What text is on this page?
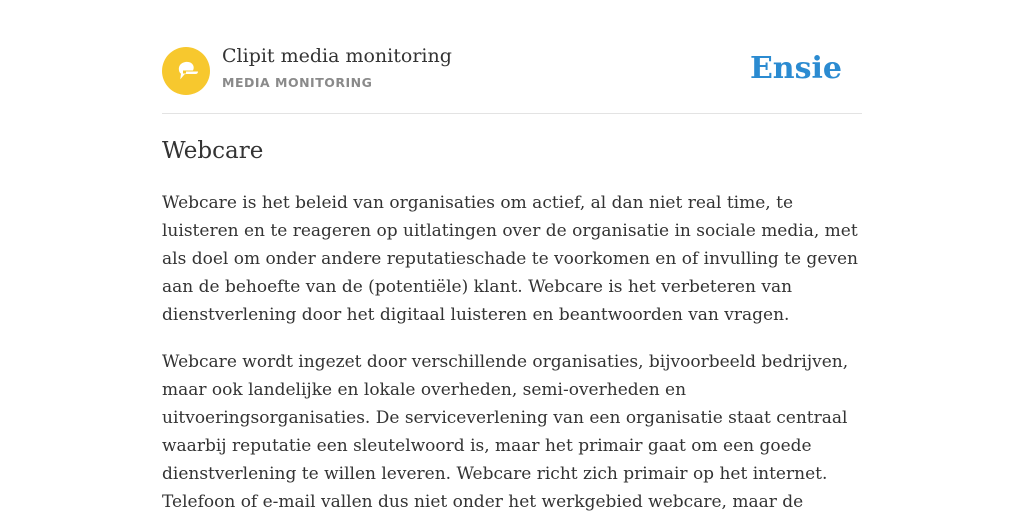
Clipit media monitoring
MEDIA MONITORING	Ensie
Webcare

Webcare is het beleid van organisaties om actief, al dan niet real time, te
luisteren en te reageren op uitlatingen over de organisatie in sociale media, met
als doel om onder andere reputatieschade te voorkomen en of invulling te geven
aan de behoefte van de (potentiële) klant. Webcare is het verbeteren van
dienstverlening door het digitaal luisteren en beantwoorden van vragen.

Webcare wordt ingezet door verschillende organisaties, bijvoorbeeld bedrijven,
maar ook landelijke en lokale overheden, semi-overheden en
uitvoeringsorganisaties. De serviceverlening van een organisatie staat centraal
waarbij reputatie een sleutelwoord is, maar het primair gaat om een goede
dienstverlening te willen leveren. Webcare richt zich primair op het internet.
Telefoon of e-mail vallen dus niet onder het werkgebied webcare, maar de
